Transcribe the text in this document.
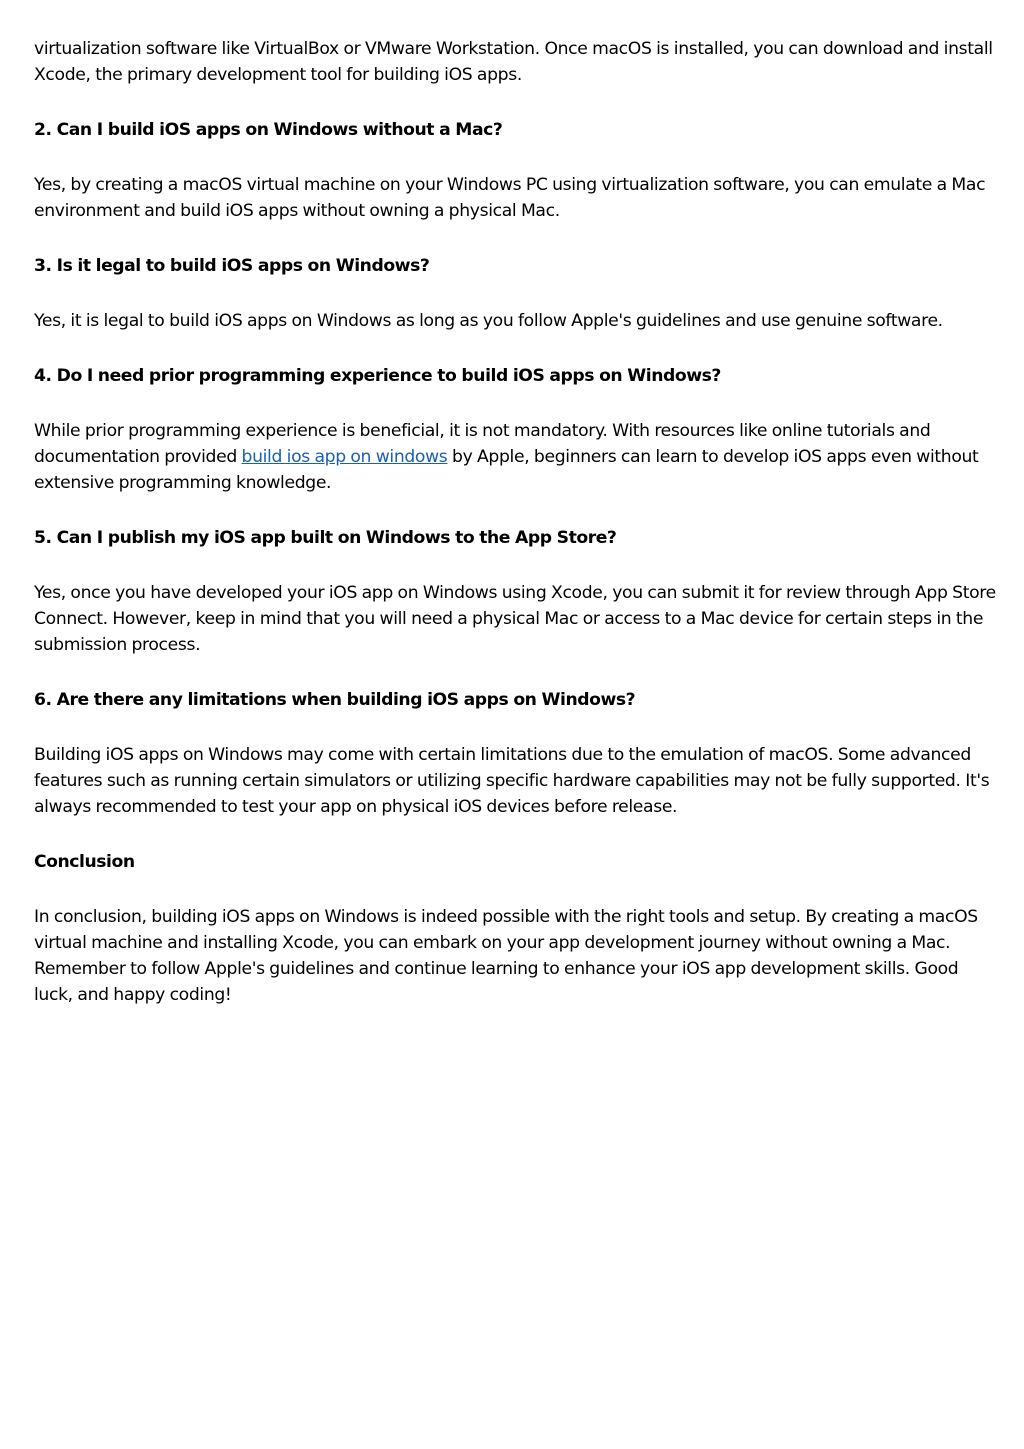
virtualization software like VirtualBox or VMware Workstation. Once macOS is installed, you can download and install Xcode, the primary development tool for building iOS apps.

2. Can I build iOS apps on Windows without a Mac?

Yes, by creating a macOS virtual machine on your Windows PC using virtualization software, you can emulate a Mac environment and build iOS apps without owning a physical Mac.

3. Is it legal to build iOS apps on Windows?

Yes, it is legal to build iOS apps on Windows as long as you follow Apple's guidelines and use genuine software.

4. Do I need prior programming experience to build iOS apps on Windows?

While prior programming experience is beneficial, it is not mandatory. With resources like online tutorials and documentation provided build ios app on windows by Apple, beginners can learn to develop iOS apps even without extensive programming knowledge.

5. Can I publish my iOS app built on Windows to the App Store?

Yes, once you have developed your iOS app on Windows using Xcode, you can submit it for review through App Store Connect. However, keep in mind that you will need a physical Mac or access to a Mac device for certain steps in the submission process.

6. Are there any limitations when building iOS apps on Windows?

Building iOS apps on Windows may come with certain limitations due to the emulation of macOS. Some advanced features such as running certain simulators or utilizing specific hardware capabilities may not be fully supported. It's always recommended to test your app on physical iOS devices before release.

Conclusion

In conclusion, building iOS apps on Windows is indeed possible with the right tools and setup. By creating a macOS virtual machine and installing Xcode, you can embark on your app development journey without owning a Mac. Remember to follow Apple's guidelines and continue learning to enhance your iOS app development skills. Good luck, and happy coding!
